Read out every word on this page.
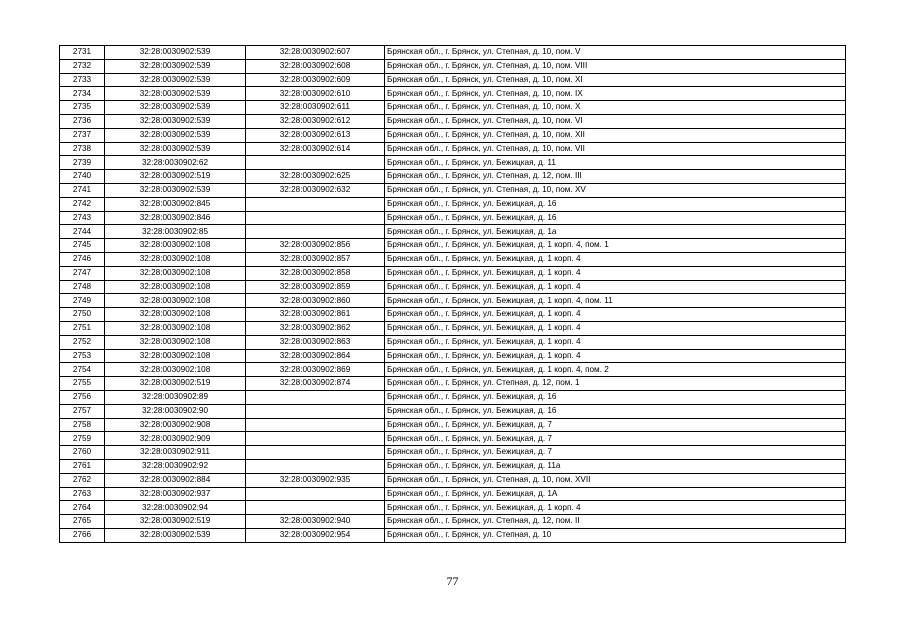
2731	32:28:0030902:539	32:28:0030902:607	Брянская обл., г. Брянск, ул. Степная, д. 10, пом. V
2732	32:28:0030902:539	32:28:0030902:608	Брянская обл., г. Брянск, ул. Степная, д. 10, пом. VIII
2733	32:28:0030902:539	32:28:0030902:609	Брянская обл., г. Брянск, ул. Степная, д. 10, пом. XI
2734	32:28:0030902:539	32:28:0030902:610	Брянская обл., г. Брянск, ул. Степная, д. 10, пом. IX
2735	32:28:0030902:539	32:28:0030902:611	Брянская обл., г. Брянск, ул. Степная, д. 10, пом. X
2736	32:28:0030902:539	32:28:0030902:612	Брянская обл., г. Брянск, ул. Степная, д. 10, пом. VI
2737	32:28:0030902:539	32:28:0030902:613	Брянская обл., г. Брянск, ул. Степная, д. 10, пом. XII
2738	32:28:0030902:539	32:28:0030902:614	Брянская обл., г. Брянск, ул. Степная, д. 10, пом. VII
2739	32:28:0030902:62		Брянская обл., г. Брянск, ул. Бежицкая, д. 11
2740	32:28:0030902:519	32:28:0030902:625	Брянская обл., г. Брянск, ул. Степная, д. 12, пом. III
2741	32:28:0030902:539	32:28:0030902:632	Брянская обл., г. Брянск, ул. Степная, д. 10, пом. XV
2742	32:28:0030902:845		Брянская обл., г. Брянск, ул. Бежицкая, д. 16
2743	32:28:0030902:846		Брянская обл., г. Брянск, ул. Бежицкая, д. 16
2744	32:28:0030902:85		Брянская обл., г. Брянск, ул. Бежицкая, д. 1а
2745	32:28:0030902:108	32:28:0030902:856	Брянская обл., г. Брянск, ул. Бежицкая, д. 1 корп. 4, пом. 1
2746	32:28:0030902:108	32:28:0030902:857	Брянская обл., г. Брянск, ул. Бежицкая, д. 1 корп. 4
2747	32:28:0030902:108	32:28:0030902:858	Брянская обл., г. Брянск, ул. Бежицкая, д. 1 корп. 4
2748	32:28:0030902:108	32:28:0030902:859	Брянская обл., г. Брянск, ул. Бежицкая, д. 1 корп. 4
2749	32:28:0030902:108	32:28:0030902:860	Брянская обл., г. Брянск, ул. Бежицкая, д. 1 корп. 4, пом. 11
2750	32:28:0030902:108	32:28:0030902:861	Брянская обл., г. Брянск, ул. Бежицкая, д. 1 корп. 4
2751	32:28:0030902:108	32:28:0030902:862	Брянская обл., г. Брянск, ул. Бежицкая, д. 1 корп. 4
2752	32:28:0030902:108	32:28:0030902:863	Брянская обл., г. Брянск, ул. Бежицкая, д. 1 корп. 4
2753	32:28:0030902:108	32:28:0030902:864	Брянская обл., г. Брянск, ул. Бежицкая, д. 1 корп. 4
2754	32:28:0030902:108	32:28:0030902:869	Брянская обл., г. Брянск, ул. Бежицкая, д. 1 корп. 4, пом. 2
2755	32:28:0030902:519	32:28:0030902:874	Брянская обл., г. Брянск, ул. Степная, д. 12, пом. 1
2756	32:28:0030902:89		Брянская обл., г. Брянск, ул. Бежицкая, д. 16
2757	32:28:0030902:90		Брянская обл., г. Брянск, ул. Бежицкая, д. 16
2758	32:28:0030902:908		Брянская обл., г. Брянск, ул. Бежицкая, д. 7
2759	32:28:0030902:909		Брянская обл., г. Брянск, ул. Бежицкая, д. 7
2760	32:28:0030902:911		Брянская обл., г. Брянск, ул. Бежицкая, д. 7
2761	32:28:0030902:92		Брянская обл., г. Брянск, ул. Бежицкая, д. 11а
2762	32:28:0030902:884	32:28:0030902:935	Брянская обл., г. Брянск, ул. Степная, д. 10, пом. XVII
2763	32:28:0030902:937		Брянская обл., г. Брянск, ул. Бежицкая, д. 1А
2764	32:28:0030902:94		Брянская обл., г. Брянск, ул. Бежицкая, д. 1 корп. 4
2765	32:28:0030902:519	32:28:0030902:940	Брянская обл., г. Брянск, ул. Степная, д. 12, пом. II
2766	32:28:0030902:539	32:28:0030902:954	Брянская обл., г. Брянск, ул. Степная, д. 10
77
